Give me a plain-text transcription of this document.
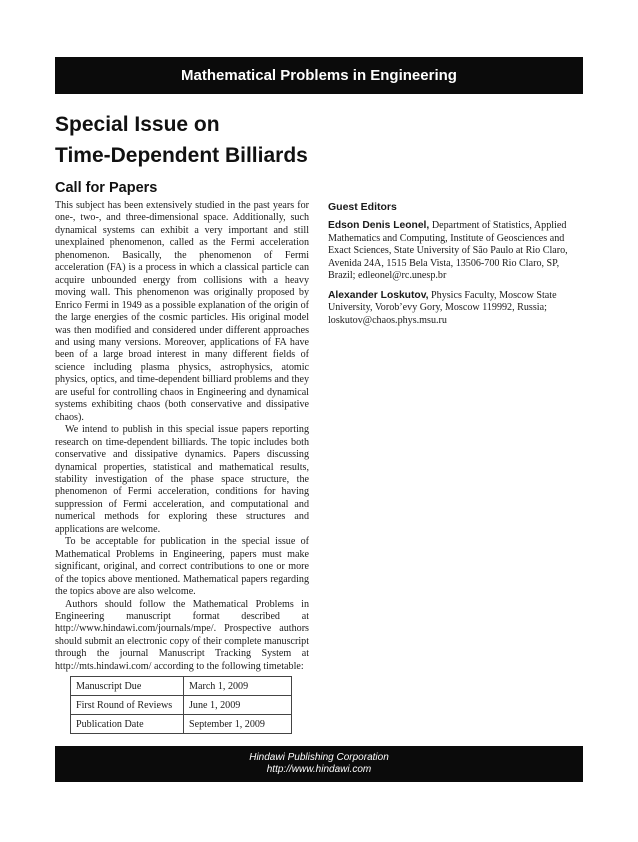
Mathematical Problems in Engineering
Special Issue on
Time-Dependent Billiards
Call for Papers

This subject has been extensively studied in the past years for one-, two-, and three-dimensional space. Additionally, such dynamical systems can exhibit a very important and still unexplained phenomenon, called as the Fermi acceleration phenomenon. Basically, the phenomenon of Fermi acceleration (FA) is a process in which a classical particle can acquire unbounded energy from collisions with a heavy moving wall. This phenomenon was originally proposed by Enrico Fermi in 1949 as a possible explanation of the origin of the large energies of the cosmic particles. His original model was then modified and considered under different approaches and using many versions. Moreover, applications of FA have been of a large broad interest in many different fields of science including plasma physics, astrophysics, atomic physics, optics, and time-dependent billiard problems and they are useful for controlling chaos in Engineering and dynamical systems exhibiting chaos (both conservative and dissipative chaos).

We intend to publish in this special issue papers reporting research on time-dependent billiards. The topic includes both conservative and dissipative dynamics. Papers discussing dynamical properties, statistical and mathematical results, stability investigation of the phase space structure, the phenomenon of Fermi acceleration, conditions for having suppression of Fermi acceleration, and computational and numerical methods for exploring these structures and applications are welcome.

To be acceptable for publication in the special issue of Mathematical Problems in Engineering, papers must make significant, original, and correct contributions to one or more of the topics above mentioned. Mathematical papers regarding the topics above are also welcome.

Authors should follow the Mathematical Problems in Engineering manuscript format described at http://www.hindawi.com/journals/mpe/. Prospective authors should submit an electronic copy of their complete manuscript through the journal Manuscript Tracking System at http://mts.hindawi.com/ according to the following timetable:

Guest Editors

Edson Denis Leonel, Department of Statistics, Applied Mathematics and Computing, Institute of Geosciences and Exact Sciences, State University of São Paulo at Rio Claro, Avenida 24A, 1515 Bela Vista, 13506-700 Rio Claro, SP, Brazil; edleonel@rc.unesp.br

Alexander Loskutov, Physics Faculty, Moscow State University, Vorob’evy Gory, Moscow 119992, Russia; loskutov@chaos.phys.msu.ru

Manuscript Due	March 1, 2009
First Round of Reviews	June 1, 2009
Publication Date	September 1, 2009
Hindawi Publishing Corporation
http://www.hindawi.com
